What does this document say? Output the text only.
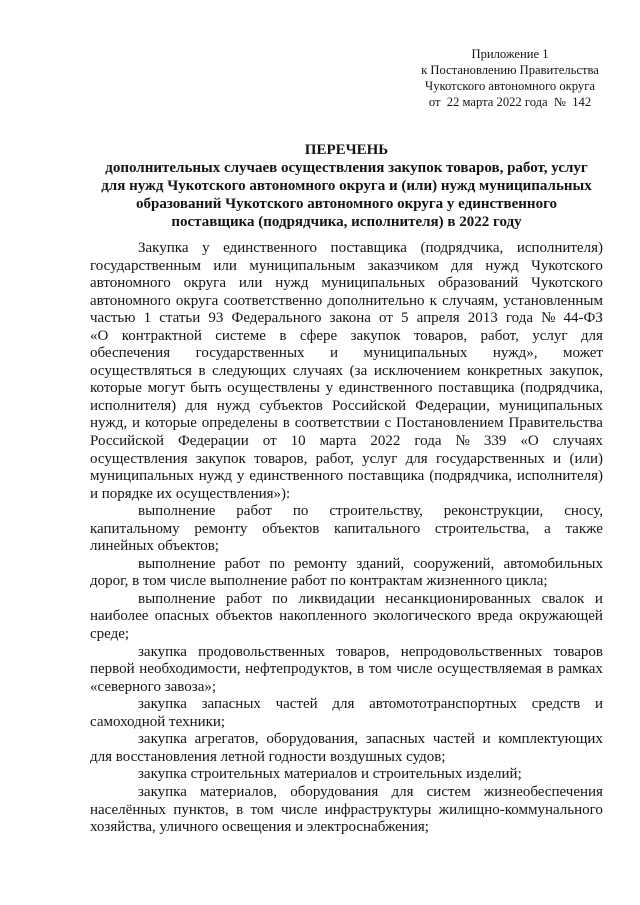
Приложение 1
к Постановлению Правительства
Чукотского автономного округа
от  22 марта 2022 года  №  142
ПЕРЕЧЕНЬ
дополнительных случаев осуществления закупок товаров, работ, услуг
для нужд Чукотского автономного округа и (или) нужд муниципальных
образований Чукотского автономного округа у единственного
поставщика (подрядчика, исполнителя) в 2022 году
Закупка у единственного поставщика (подрядчика, исполнителя)
государственным или муниципальным заказчиком для нужд Чукотского
автономного округа или нужд муниципальных образований Чукотского
автономного округа соответственно дополнительно к случаям, установленным
частью 1 статьи 93 Федерального закона от 5 апреля 2013 года № 44-ФЗ
«О контрактной системе в сфере закупок товаров, работ, услуг для
обеспечения государственных и муниципальных нужд», может
осуществляться в следующих случаях (за исключением конкретных закупок,
которые могут быть осуществлены у единственного поставщика (подрядчика,
исполнителя) для нужд субъектов Российской Федерации, муниципальных
нужд, и которые определены в соответствии с Постановлением Правительства
Российской Федерации от 10 марта 2022 года № 339 «О случаях
осуществления закупок товаров, работ, услуг для государственных и (или)
муниципальных нужд у единственного поставщика (подрядчика, исполнителя)
и порядке их осуществления»):
выполнение работ по строительству, реконструкции, сносу,
капитальному ремонту объектов капитального строительства, а также
линейных объектов;
выполнение работ по ремонту зданий, сооружений, автомобильных
дорог, в том числе выполнение работ по контрактам жизненного цикла;
выполнение работ по ликвидации несанкционированных свалок и
наиболее опасных объектов накопленного экологического вреда окружающей
среде;
закупка продовольственных товаров, непродовольственных товаров
первой необходимости, нефтепродуктов, в том числе осуществляемая в рамках
«северного завоза»;
закупка запасных частей для автомототранспортных средств и
самоходной техники;
закупка агрегатов, оборудования, запасных частей и комплектующих
для восстановления летной годности воздушных судов;
закупка строительных материалов и строительных изделий;
закупка материалов, оборудования для систем жизнеобеспечения
населённых пунктов, в том числе инфраструктуры жилищно-коммунального
хозяйства, уличного освещения и электроснабжения;
